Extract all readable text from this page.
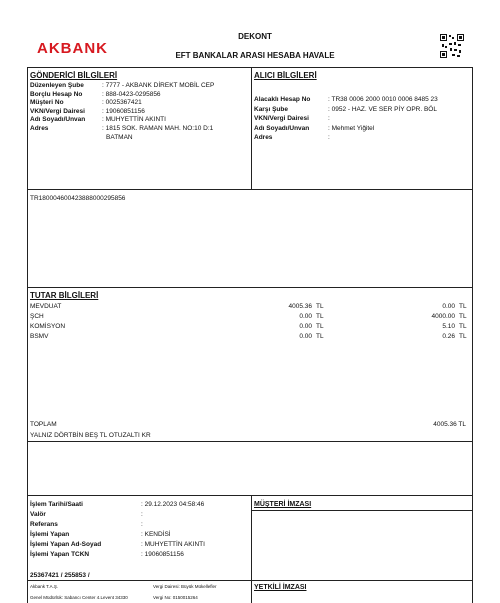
AKBANK
DEKONT
EFT BANKALAR ARASI HESABA HAVALE
GÖNDERİCİ BİLGİLERİ
Düzenleyen Şube	: 7777 - AKBANK DİREKT MOBİL CEP
Borçlu Hesap No	: 888-0423-0295856
Müşteri No	: 0025367421
VKN/Vergi Dairesi	: 19060851156
Adı Soyadı/Unvan	: MUHYETTİN AKINTI
Adres	: 1815 SOK. RAMAN MAH. NO:10 D:1
BATMAN
ALICI BİLGİLERİ
Alacaklı Hesap No	: TR38 0006 2000 0010 0006 8485 23
Karşı Şube	: 0952 - HAZ. VE SER PİY OPR. BÖL
VKN/Vergi Dairesi	:
Adı Soyadı/Unvan	: Mehmet Yiğitel
Adres	:
TR180004600423888000295856
TUTAR BİLGİLERİ
MEVDUAT	4005.36 TL	0.00 TL
ŞCH	0.00 TL	4000.00 TL
KOMİSYON	0.00 TL	5.10 TL
BSMV	0.00 TL	0.26 TL
TOPLAM	4005.36 TL
YALNIZ DÖRTBİN BEŞ TL OTUZALTI KR
İşlem Tarihi/Saati	: 29.12.2023 04:58:46
Valör	:
Referans	:
İşlemi Yapan	: KENDİSİ
İşlemi Yapan Ad-Soyad	: MUHYETTİN AKINTI
İşlemi Yapan TCKN	: 19060851156
25367421 / 255853 /
MÜŞTERİ İMZASI
YETKİLİ İMZASI
Akbank T.A.Ş.	Vergi Dairesi: Büyük Mükellefler
Genel Müdürlük: Sabancı Center 4.Levent 34330	Vergi No: 0150015264
